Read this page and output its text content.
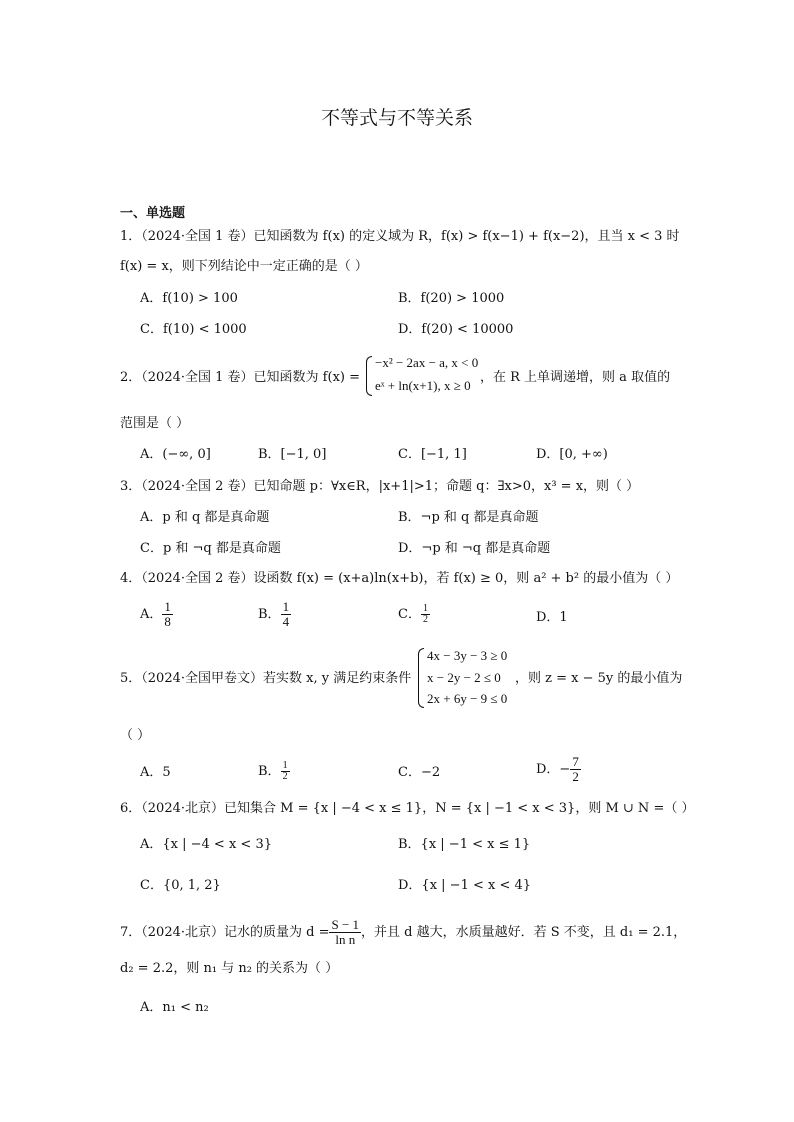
不等式与不等关系
一、单选题
1．（2024·全国 1 卷）已知函数为 f(x) 的定义域为 R，f(x) > f(x−1) + f(x−2)，且当 x < 3 时
f(x) = x，则下列结论中一定正确的是（ ）
A．f(10) > 100	B．f(20) > 1000
C．f(10) < 1000	D．f(20) < 10000
2．（2024·全国 1 卷）已知函数为 f(x) =
−x² − 2ax − a, x < 0
eˣ + ln(x+1), x ≥ 0
，在 R 上单调递增，则 a 取值的
范围是（ ）
A．(−∞, 0]	B．[−1, 0]	C．[−1, 1]	D．[0, +∞)
3．（2024·全国 2 卷）已知命题 p：∀x∈R，|x+1|>1；命题 q：∃x>0，x³ = x，则（ ）
A．p 和 q 都是真命题	B．¬p 和 q 都是真命题
C．p 和 ¬q 都是真命题	D．¬p 和 ¬q 都是真命题
4．（2024·全国 2 卷）设函数 f(x) = (x+a)ln(x+b)，若 f(x) ≥ 0，则 a² + b² 的最小值为（ ）
A． $\frac{1}{8}$	B． $\frac{1}{4}$	C． $\frac{1}{2}$	D．1
5．（2024·全国甲卷文）若实数 x, y 满足约束条件
4x − 3y − 3 ≥ 0
x − 2y − 2 ≤ 0
2x + 6y − 9 ≤ 0
，则 z = x − 5y 的最小值为
（ ）
A．5	B． $\frac{1}{2}$	C．−2	D．− $\frac{7}{2}$
6．（2024·北京）已知集合 M = {x | −4 < x ≤ 1}，N = {x | −1 < x < 3}，则 M ∪ N =（ ）
A．{x | −4 < x < 3}	B．{x | −1 < x ≤ 1}
C．{0, 1, 2}	D．{x | −1 < x < 4}
7．（2024·北京）记水的质量为 $d = \frac{S - 1}{\text{ln n}}$ ，并且 d 越大，水质量越好．若 S 不变，且 d₁ = 2.1，
d₂ = 2.2，则 n₁ 与 n₂ 的关系为（ ）
A．n₁ < n₂
